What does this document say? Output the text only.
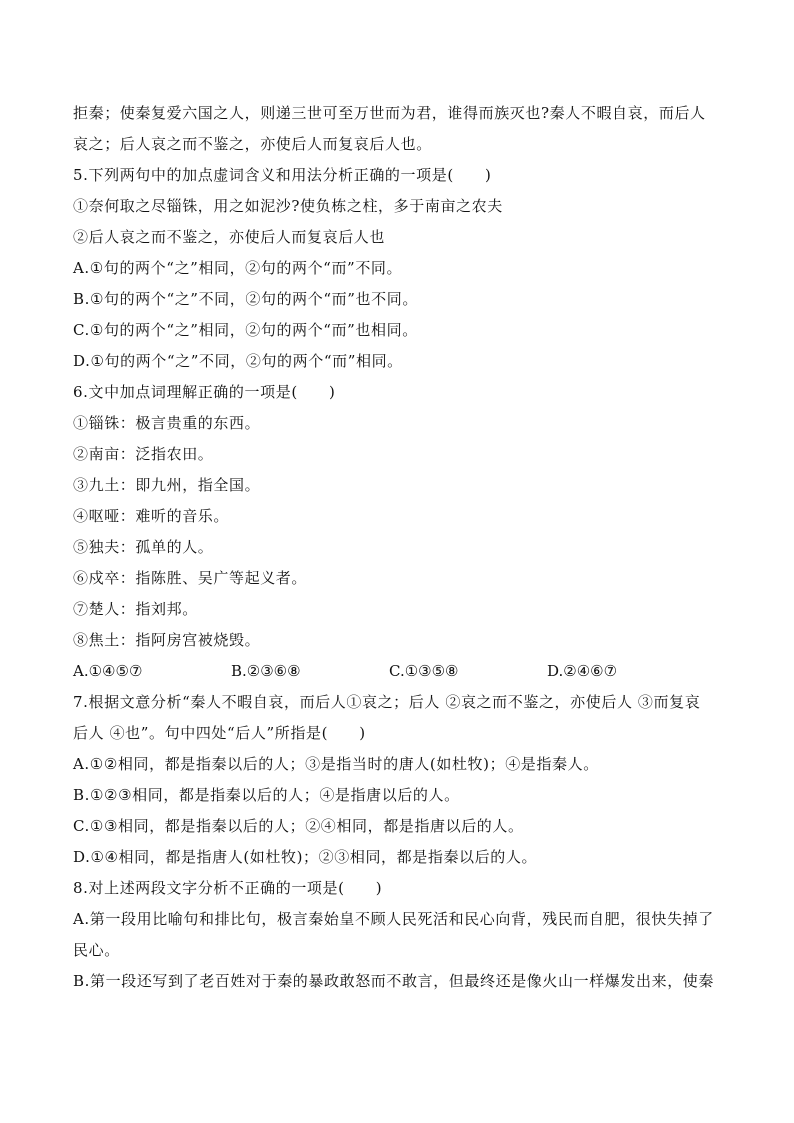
拒秦；使秦复爱六国之人，则递三世可至万世而为君，谁得而族灭也?秦人不暇自哀，而后人
哀之；后人哀之而不鉴之，亦使后人而复哀后人也。
5.下列两句中的加点虚词含义和用法分析正确的一项是(　　)
①奈何取之尽锱铢，用之如泥沙?使负栋之柱，多于南亩之农夫
②后人哀之而不鉴之，亦使后人而复哀后人也
A.①句的两个“之”相同，②句的两个“而”不同。
B.①句的两个“之”不同，②句的两个“而”也不同。
C.①句的两个“之”相同，②句的两个“而”也相同。
D.①句的两个“之”不同，②句的两个“而”相同。
6.文中加点词理解正确的一项是(　　)
①锱铢：极言贵重的东西。
②南亩：泛指农田。
③九土：即九州，指全国。
④呕哑：难听的音乐。
⑤独夫：孤单的人。
⑥戍卒：指陈胜、吴广等起义者。
⑦楚人：指刘邦。
⑧焦土：指阿房宫被烧毁。
A.①④⑤⑦	B.②③⑥⑧	C.①③⑤⑧	D.②④⑥⑦
7.根据文意分析“秦人不暇自哀，而后人①哀之；后人 ②哀之而不鉴之，亦使后人 ③而复哀
后人 ④也”。句中四处“后人”所指是(　　)
A.①②相同，都是指秦以后的人；③是指当时的唐人(如杜牧)；④是指秦人。
B.①②③相同，都是指秦以后的人；④是指唐以后的人。
C.①③相同，都是指秦以后的人；②④相同，都是指唐以后的人。
D.①④相同，都是指唐人(如杜牧)；②③相同，都是指秦以后的人。
8.对上述两段文字分析不正确的一项是(　　)
A.第一段用比喻句和排比句，极言秦始皇不顾人民死活和民心向背，残民而自肥，很快失掉了
民心。
B.第一段还写到了老百姓对于秦的暴政敢怒而不敢言，但最终还是像火山一样爆发出来，使秦
